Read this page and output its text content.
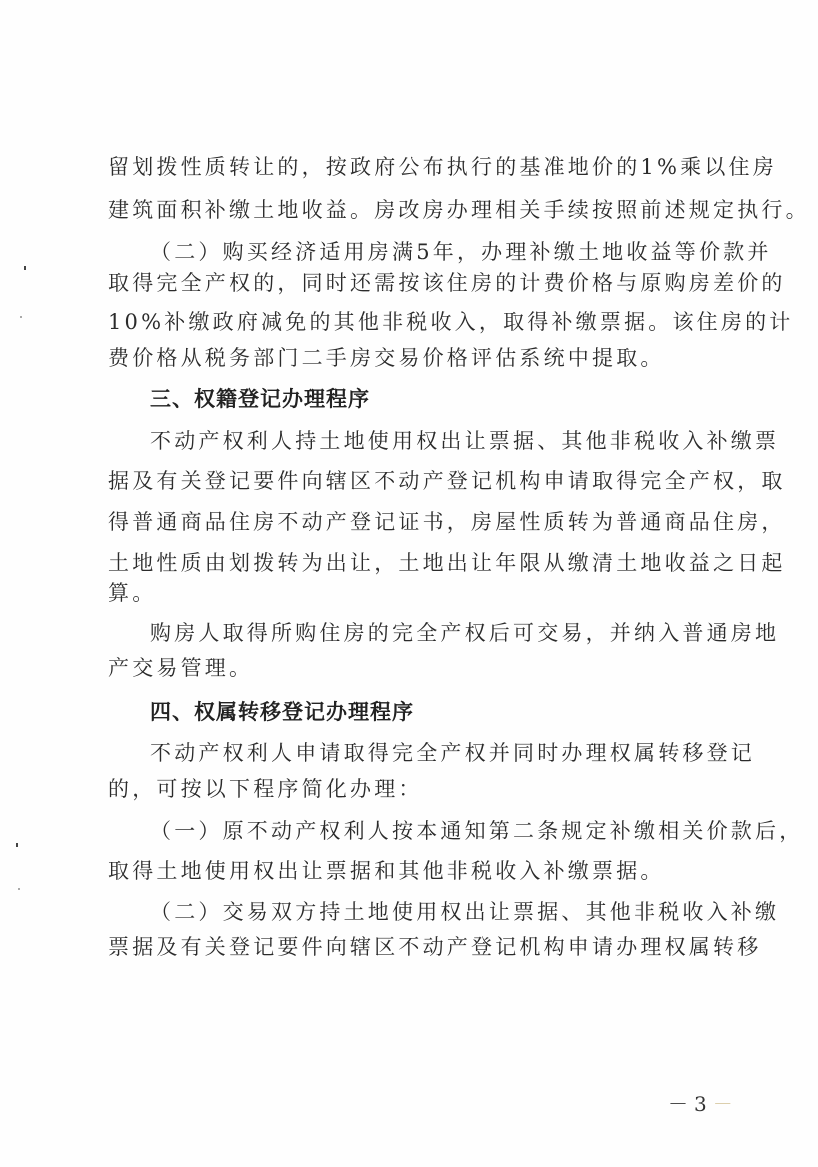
留划拨性质转让的，按政府公布执行的基准地价的1%乘以住房
建筑面积补缴土地收益。房改房办理相关手续按照前述规定执行。
（二）购买经济适用房满5年，办理补缴土地收益等价款并
取得完全产权的，同时还需按该住房的计费价格与原购房差价的
10%补缴政府减免的其他非税收入，取得补缴票据。该住房的计
费价格从税务部门二手房交易价格评估系统中提取。
三、权籍登记办理程序
不动产权利人持土地使用权出让票据、其他非税收入补缴票
据及有关登记要件向辖区不动产登记机构申请取得完全产权，取
得普通商品住房不动产登记证书，房屋性质转为普通商品住房，
土地性质由划拨转为出让，土地出让年限从缴清土地收益之日起
算。
购房人取得所购住房的完全产权后可交易，并纳入普通房地
产交易管理。
四、权属转移登记办理程序
不动产权利人申请取得完全产权并同时办理权属转移登记
的，可按以下程序简化办理：
（一）原不动产权利人按本通知第二条规定补缴相关价款后，
取得土地使用权出让票据和其他非税收入补缴票据。
（二）交易双方持土地使用权出让票据、其他非税收入补缴
票据及有关登记要件向辖区不动产登记机构申请办理权属转移
－3－
